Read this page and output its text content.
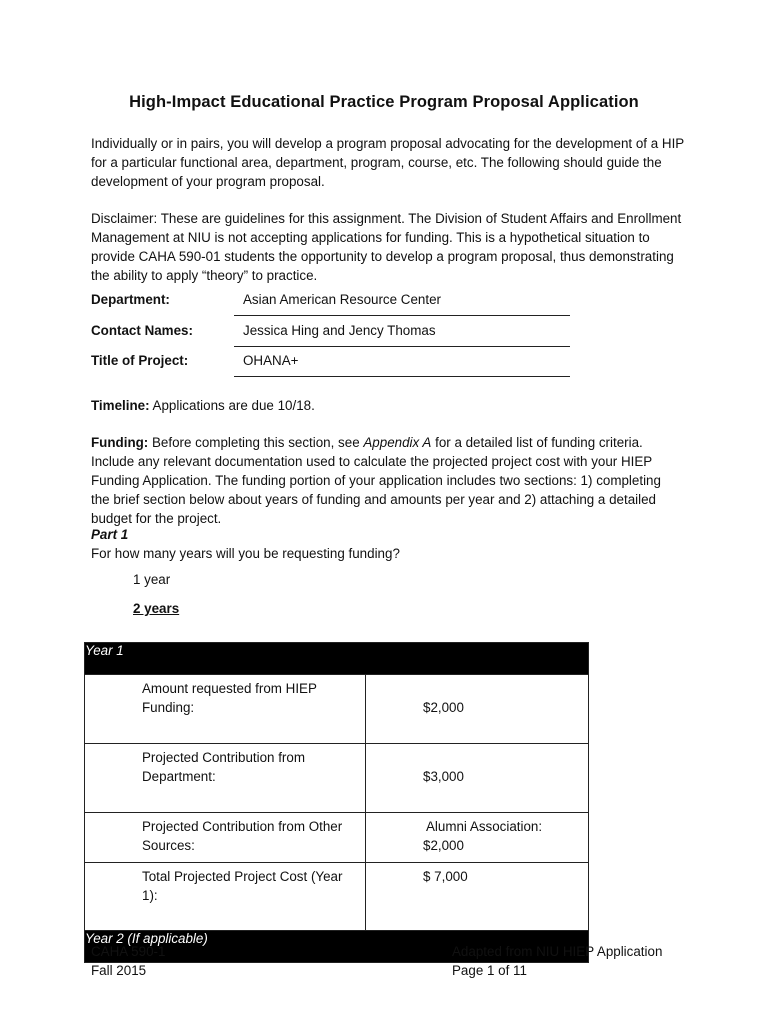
High-Impact Educational Practice Program Proposal Application

Individually or in pairs, you will develop a program proposal advocating for the development of a HIP for a particular functional area, department, program, course, etc. The following should guide the development of your program proposal.

Disclaimer: These are guidelines for this assignment. The Division of Student Affairs and Enrollment Management at NIU is not accepting applications for funding. This is a hypothetical situation to provide CAHA 590-01 students the opportunity to develop a program proposal, thus demonstrating the ability to apply “theory” to practice.

Department:	Asian American Resource Center
Contact Names:	Jessica Hing and Jency Thomas
Title of Project:	OHANA+

Timeline: Applications are due 10/18.

Funding: Before completing this section, see Appendix A for a detailed list of funding criteria. Include any relevant documentation used to calculate the projected project cost with your HIEP Funding Application. The funding portion of your application includes two sections: 1) completing the brief section below about years of funding and amounts per year and 2) attaching a detailed budget for the project.

Part 1
For how many years will you be requesting funding?
1 year
2 years
Year 1	
Amount requested from HIEP Funding:	$2,000
Projected Contribution from Department:	$3,000
Projected Contribution from Other Sources:	Alumni Association:
$2,000
Total Projected Project Cost (Year 1):	$ 7,000
Year 2 (If applicable)	
CAHA 590-1
Fall 2015
Adapted from NIU HIEP Application
Page 1 of 11
